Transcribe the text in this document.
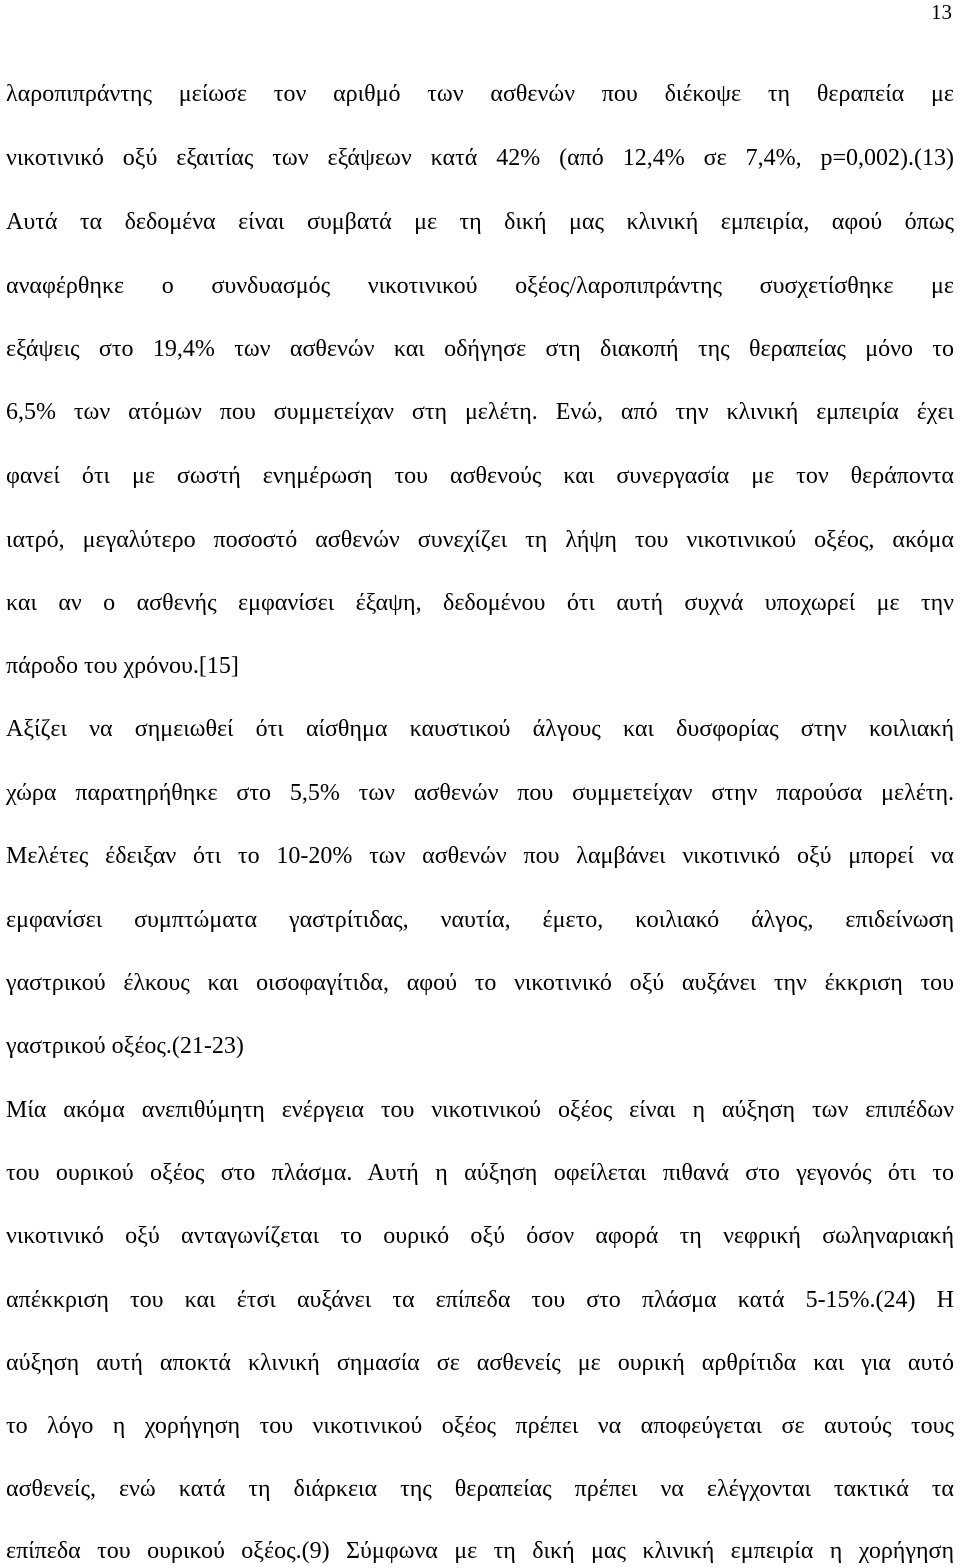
13
λαροπιπράντης μείωσε τον αριθμό των ασθενών που διέκοψε τη θεραπεία με
νικοτινικό οξύ εξαιτίας των εξάψεων κατά 42% (από 12,4% σε 7,4%, p=0,002).(13)
Αυτά τα δεδομένα είναι συμβατά με τη δική μας κλινική εμπειρία, αφού όπως
αναφέρθηκε ο συνδυασμός νικοτινικού οξέος/λαροπιπράντης συσχετίσθηκε με
εξάψεις στο 19,4% των ασθενών και οδήγησε στη διακοπή της θεραπείας μόνο το
6,5% των ατόμων που συμμετείχαν στη μελέτη. Ενώ, από την κλινική εμπειρία έχει
φανεί ότι με σωστή ενημέρωση του ασθενούς και συνεργασία με τον θεράποντα
ιατρό, μεγαλύτερο ποσοστό ασθενών συνεχίζει τη λήψη του νικοτινικού οξέος, ακόμα
και αν ο ασθενής εμφανίσει έξαψη, δεδομένου ότι αυτή συχνά υποχωρεί με την
πάροδο του χρόνου.[15]
Αξίζει να σημειωθεί ότι αίσθημα καυστικού άλγους και δυσφορίας στην κοιλιακή
χώρα παρατηρήθηκε στο 5,5% των ασθενών που συμμετείχαν στην παρούσα μελέτη.
Μελέτες έδειξαν ότι το 10-20% των ασθενών που λαμβάνει νικοτινικό οξύ μπορεί να
εμφανίσει συμπτώματα γαστρίτιδας, ναυτία, έμετο, κοιλιακό άλγος, επιδείνωση
γαστρικού έλκους και οισοφαγίτιδα, αφού το νικοτινικό οξύ αυξάνει την έκκριση του
γαστρικού οξέος.(21-23)
Μία ακόμα ανεπιθύμητη ενέργεια του νικοτινικού οξέος είναι η αύξηση των επιπέδων
του ουρικού οξέος στο πλάσμα. Αυτή η αύξηση οφείλεται πιθανά στο γεγονός ότι το
νικοτινικό οξύ ανταγωνίζεται το ουρικό οξύ όσον αφορά τη νεφρική σωληναριακή
απέκκριση του και έτσι αυξάνει τα επίπεδα του στο πλάσμα κατά 5-15%.(24) Η
αύξηση αυτή αποκτά κλινική σημασία σε ασθενείς με ουρική αρθρίτιδα και για αυτό
το λόγο η χορήγηση του νικοτινικού οξέος πρέπει να αποφεύγεται σε αυτούς τους
ασθενείς, ενώ κατά τη διάρκεια της θεραπείας πρέπει να ελέγχονται τακτικά τα
επίπεδα του ουρικού οξέος.(9) Σύμφωνα με τη δική μας κλινική εμπειρία η χορήγηση
